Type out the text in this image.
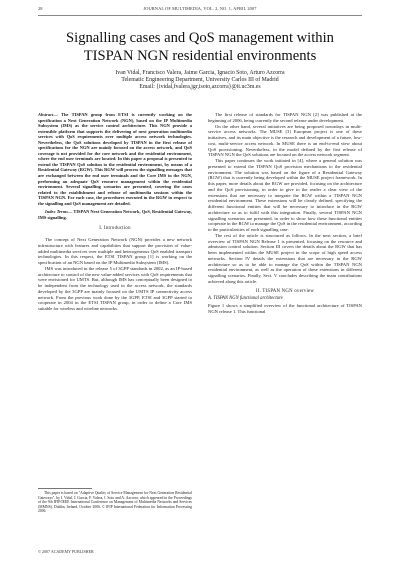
28	JOURNAL OF MULTIMEDIA, VOL. 2, NO. 1, APRIL 2007
Signalling cases and QoS management within
TISPAN NGN residential environments
Ivan Vidal, Francisco Valera, Jaime Garcia, Ignacio Soto, Arturo Azcorra
Telematic Engineering Department, University Carlos III of Madrid
Email: {ividal,fvalera,jgr,isoto,azcorra}@it.uc3m.es

Abstract— The TISPAN group from ETSI is currently working on the specification a Next Generation Network (NGN), based on the IP Multimedia Subsystem (IMS) as the service control architecture. This NGN provide a extensible platform that supports the delivering of next generation multimedia services with QoS requirements over multiple access network technologies. Nevertheless, the QoS solutions developed by TISPAN in the first release of specifications for the NGN are mainly focused on the access network, and QoS coverage is not provided for the core network and the residential environment, where the end user terminals are located. In this paper a proposal is presented to extend the TISPAN QoS solution to the residential environment, by means of a Residential Gateway (RGW). This RGW will process the signalling messages that are exchanged between the end user terminals and the Core IMS in the NGN, performing an adequate QoS resource management within the residential environment. Several signalling scenarios are presented, covering the cases related to the establishment and release of multimedia sessions within the TISPAN NGN. For each case, the procedures executed in the RGW in respect to the signalling and QoS management are detailed.

Index Terms— TISPAN Next Generation Network, QoS, Residential Gateway, IMS signalling.

I. Introduction

The concept of Next Generation Network (NGN) provides a new network infrastructure with features and capabilities that support the provision of value-added multimedia services over multiple and heterogeneous QoS enabled transport technologies. In this respect, the ETSI TISPAN group [1] is working on the specification of an NGN based on the IP Multimedia Subsystem (IMS).

IMS was introduced in the release 5 of 3GPP standards in 2002, as an IP-based architecture to control of the new value-added services with QoS requirements that were envisioned for UMTS. But, although IMS has conceptually been designed to be independent from the technology used in the access network, the standards developed by the 3GPP are mainly focused on the UMTS IP connectivity access network. From the previous work done by the 3GPP, ETSI and 3GPP started to cooperate in 2004 in the ETSI TISPAN group, in order to define a Core IMS suitable for wireless and wireline networks.

The first release of standards for TISPAN NGN [2] was published at the beginning of 2006, being currently the second release under development.

On the other hand, several initiatives are being proposed nowadays in multi-service access networks. The MUSE [3] European project is one of these initiatives, and its main objective is the research and development of a future, low-cost, multi-service access network. In MUSE there is an end-to-end view about QoS provisioning. Nevertheless, in the model defined by the first release of TISPAN NGN the QoS solutions are focused on the access network segment.

This paper continues the work initiated in [4], where a general solution was presented to extend the TISPAN QoS provision mechanisms to the residential environment. The solution was based on the figure of a Residential Gateway (RGW) that is currently being developed within the MUSE project framework. In this paper, more details about the RGW are provided, focusing on the architecture and the QoS provisioning, in order to give to the reader a clear view of the extensions that are necessary to integrate the RGW within a TISPAN NGN residential environment. These extensions will be clearly defined, specifying the different functional entities that will be necessary to introduce in the RGW architecture so as to fulfil with this integration. Finally, several TISPAN NGN signalling scenarios are presented, in order to show how these functional entities cooperate in the RGW to manage the QoS in the residential environment, according to the particularities of each signalling case.

The rest of the article is structured as follows. In the next section, a brief overview of TISPAN NGN Release 1 is presented, focusing on the resource and admission control solution. Section III covers the details about the RGW that has been implemented within the MUSE project in the scope of high speed access networks. Section IV details the extensions that are necessary in the RGW architecture so as to be able to manage the QoS within the TISPAN NGN residential environment, as well as the operation of these extensions in different signalling scenarios. Finally, Sect. V concludes describing the main contributions achieved along this article.

II. TISPAN NGN overview
A. TISPAN NGN functional architecture

Figure 1 shows a simplified overview of the functional architecture of TISPAN NGN release 1. This functional

This paper is based on "Adaptive Quality of Service Management for Next Generation Residential Gateways", by I. Vidal, J. Garcia, F. Valera, I. Soto and A. Azcorra, which appeared in the Proceedings of the 9th IFIP/IEEE International Conference on Management of Multimedia Networks and Services (MMNS), Dublin, Ireland, October 2006. © IFIP International Federation for Information Processing 2006
© 2007 ACADEMY PUBLISHER
